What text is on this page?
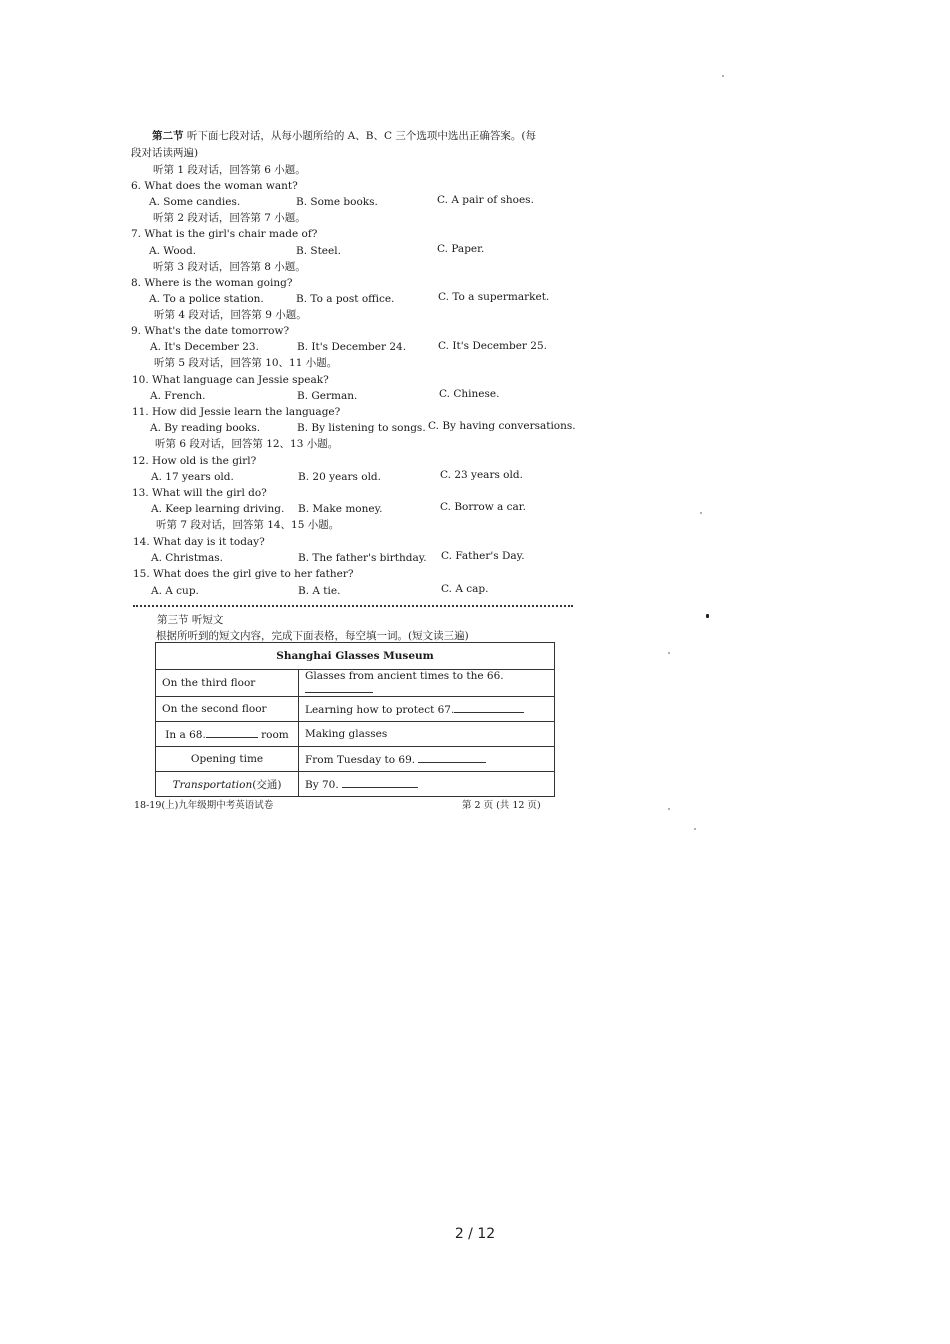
第二节 听下面七段对话，从每小题所给的 A、B、C 三个选项中选出正确答案。(每
段对话读两遍)
听第 1 段对话，回答第 6 小题。
6. What does the woman want?
A. Some candies.	B. Some books.	C. A pair of shoes.
听第 2 段对话，回答第 7 小题。
7. What is the girl's chair made of?
A. Wood.	B. Steel.	C. Paper.
听第 3 段对话，回答第 8 小题。
8. Where is the woman going?
A. To a police station.	B. To a post office.	C. To a supermarket.
听第 4 段对话，回答第 9 小题。
9. What's the date tomorrow?
A. It's December 23.	B. It's December 24.	C. It's December 25.
听第 5 段对话，回答第 10、11 小题。
10. What language can Jessie speak?
A. French.	B. German.	C. Chinese.
11. How did Jessie learn the language?
A. By reading books.	B. By listening to songs. C. By having conversations.
听第 6 段对话，回答第 12、13 小题。
12. How old is the girl?
A. 17 years old.	B. 20 years old.	C. 23 years old.
13. What will the girl do?
A. Keep learning driving. B. Make money.	C. Borrow a car.
听第 7 段对话，回答第 14、15 小题。
14. What day is it today?
A. Christmas.	B. The father's birthday. C. Father's Day.
15. What does the girl give to her father?
A. A cup.	B. A tie.	C. A cap.
第三节 听短文
根据所听到的短文内容，完成下面表格，每空填一词。(短文读三遍)
Shanghai Glasses Museum	
On the third floor	Glasses from ancient times to the 66.
On the second floor	Learning how to protect 67.
In a 68. room	Making glasses
Opening time	From Tuesday to 69.
Transportation(交通)	By 70.
18-19(上)九年级期中考英语试卷	第 2 页 (共 12 页)
2 / 12
